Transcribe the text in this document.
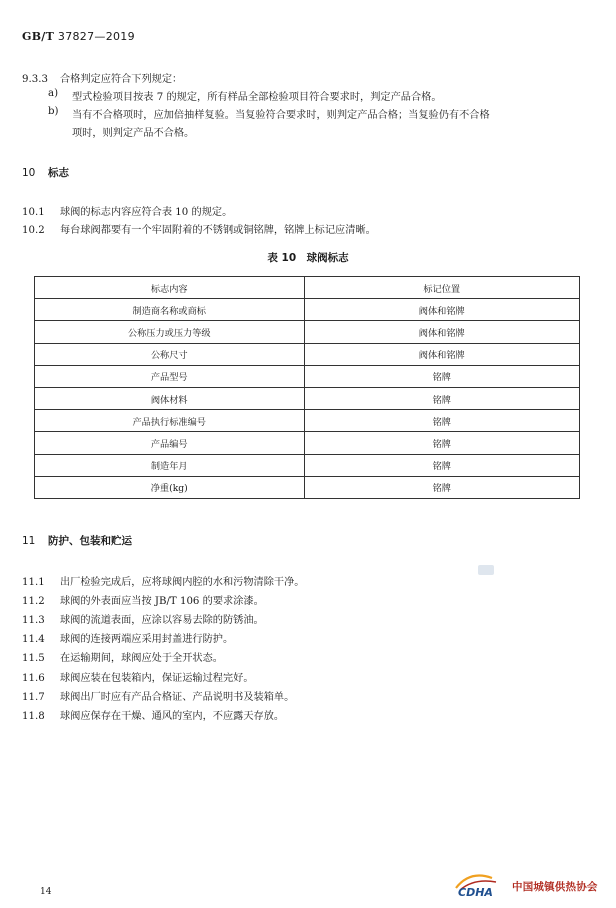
GB/T 37827—2019
9.3.3 合格判定应符合下列规定：
a) 型式检验项目按表 7 的规定，所有样品全部检验项目符合要求时，判定产品合格。
b) 当有不合格项时，应加倍抽样复验。当复验符合要求时，则判定产品合格；当复验仍有不合格
项时，则判定产品不合格。
10 标志
10.1 球阀的标志内容应符合表 10 的规定。
10.2 每台球阀都要有一个牢固附着的不锈钢或铜铭牌，铭牌上标记应清晰。
表 10　球阀标志
标志内容	标记位置
制造商名称或商标	阀体和铭牌
公称压力或压力等级	阀体和铭牌
公称尺寸	阀体和铭牌
产品型号	铭牌
阀体材料	铭牌
产品执行标准编号	铭牌
产品编号	铭牌
制造年月	铭牌
净重(kg)	铭牌
11 防护、包装和贮运
11.1 出厂检验完成后，应将球阀内腔的水和污物清除干净。
11.2 球阀的外表面应当按 JB/T 106 的要求涂漆。
11.3 球阀的流道表面，应涂以容易去除的防锈油。
11.4 球阀的连接两端应采用封盖进行防护。
11.5 在运输期间，球阀应处于全开状态。
11.6 球阀应装在包装箱内，保证运输过程完好。
11.7 球阀出厂时应有产品合格证、产品说明书及装箱单。
11.8 球阀应保存在干燥、通风的室内，不应露天存放。
14	CDHA 中国城镇供热协会
